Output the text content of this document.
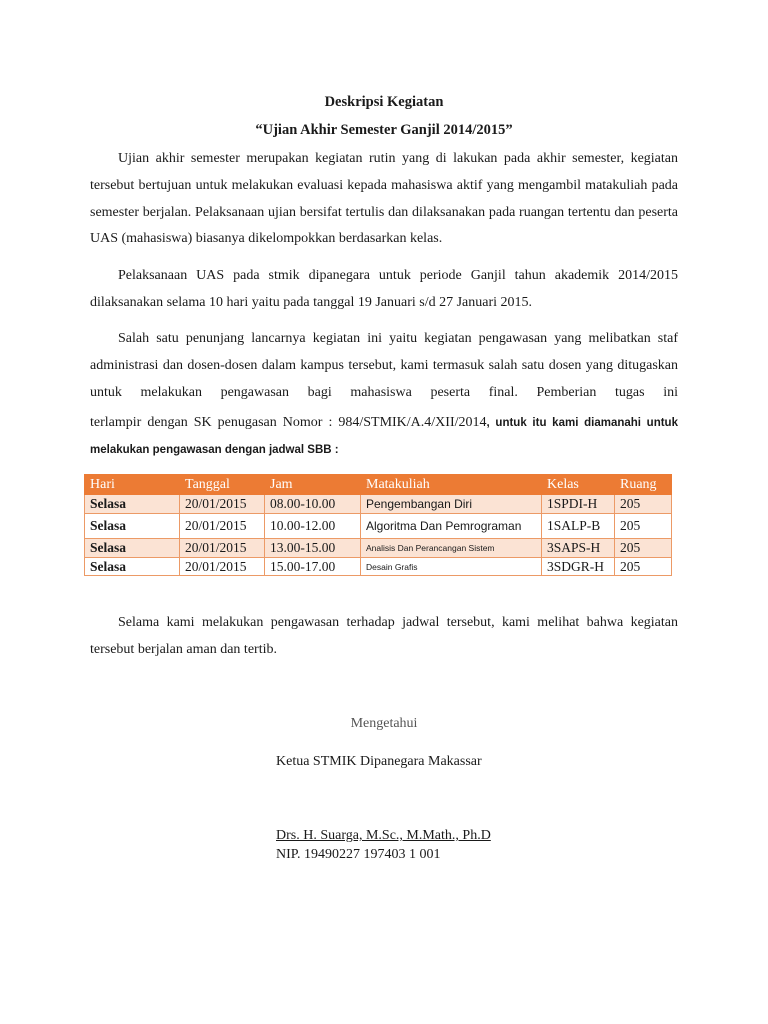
Deskripsi Kegiatan
“Ujian Akhir Semester Ganjil 2014/2015”

Ujian akhir semester merupakan kegiatan rutin yang di lakukan pada akhir semester, kegiatan tersebut bertujuan untuk melakukan evaluasi kepada mahasiswa aktif yang mengambil matakuliah pada semester berjalan. Pelaksanaan ujian bersifat tertulis dan dilaksanakan pada ruangan tertentu dan peserta UAS (mahasiswa) biasanya dikelompokkan berdasarkan kelas.

Pelaksanaan UAS pada stmik dipanegara untuk periode Ganjil tahun akademik 2014/2015 dilaksanakan selama 10 hari yaitu pada tanggal 19 Januari s/d 27 Januari 2015.

Salah satu penunjang lancarnya kegiatan ini yaitu kegiatan pengawasan yang melibatkan staf administrasi dan dosen-dosen dalam kampus tersebut, kami termasuk salah satu dosen yang ditugaskan untuk melakukan pengawasan bagi mahasiswa peserta final. Pemberian tugas ini

terlampir dengan SK penugasan Nomor : 984/STMIK/A.4/XII/2014, untuk itu kami diamanahi untuk melakukan pengawasan dengan jadwal SBB :

Hari	Tanggal	Jam	Matakuliah	Kelas	Ruang
Selasa	20/01/2015	08.00-10.00	Pengembangan Diri	1SPDI-H	205
Selasa	20/01/2015	10.00-12.00	Algoritma Dan Pemrograman	1SALP-B	205
Selasa	20/01/2015	13.00-15.00	Analisis Dan Perancangan Sistem	3SAPS-H	205
Selasa	20/01/2015	15.00-17.00	Desain Grafis	3SDGR-H	205

Selama kami melakukan pengawasan terhadap jadwal tersebut, kami melihat bahwa kegiatan tersebut berjalan aman dan tertib.

Mengetahui
Ketua STMIK Dipanegara Makassar
Drs. H. Suarga, M.Sc., M.Math., Ph.D
NIP. 19490227 197403 1 001
